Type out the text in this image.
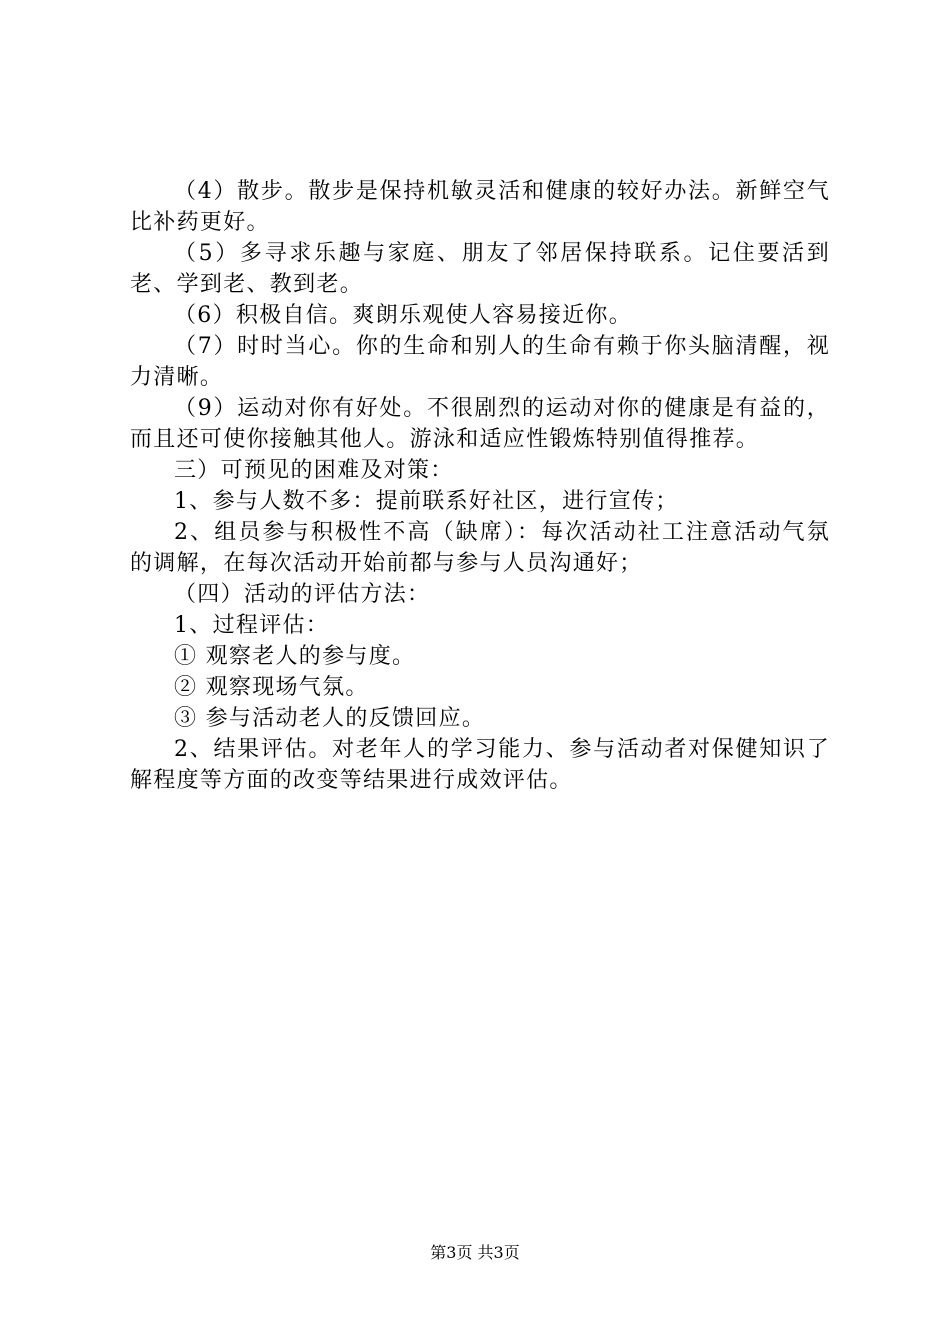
（4）散步。散步是保持机敏灵活和健康的较好办法。新鲜空气比补药更好。

（5）多寻求乐趣与家庭、朋友了邻居保持联系。记住要活到老、学到老、教到老。

（6）积极自信。爽朗乐观使人容易接近你。

（7）时时当心。你的生命和别人的生命有赖于你头脑清醒，视力清晰。

（9）运动对你有好处。不很剧烈的运动对你的健康是有益的，而且还可使你接触其他人。游泳和适应性锻炼特别值得推荐。

三）可预见的困难及对策：

1、参与人数不多：提前联系好社区，进行宣传；

2、组员参与积极性不高（缺席）：每次活动社工注意活动气氛的调解，在每次活动开始前都与参与人员沟通好；

（四）活动的评估方法：

1、过程评估：

① 观察老人的参与度。

② 观察现场气氛。

③ 参与活动老人的反馈回应。

2、结果评估。对老年人的学习能力、参与活动者对保健知识了解程度等方面的改变等结果进行成效评估。

第3页 共3页
